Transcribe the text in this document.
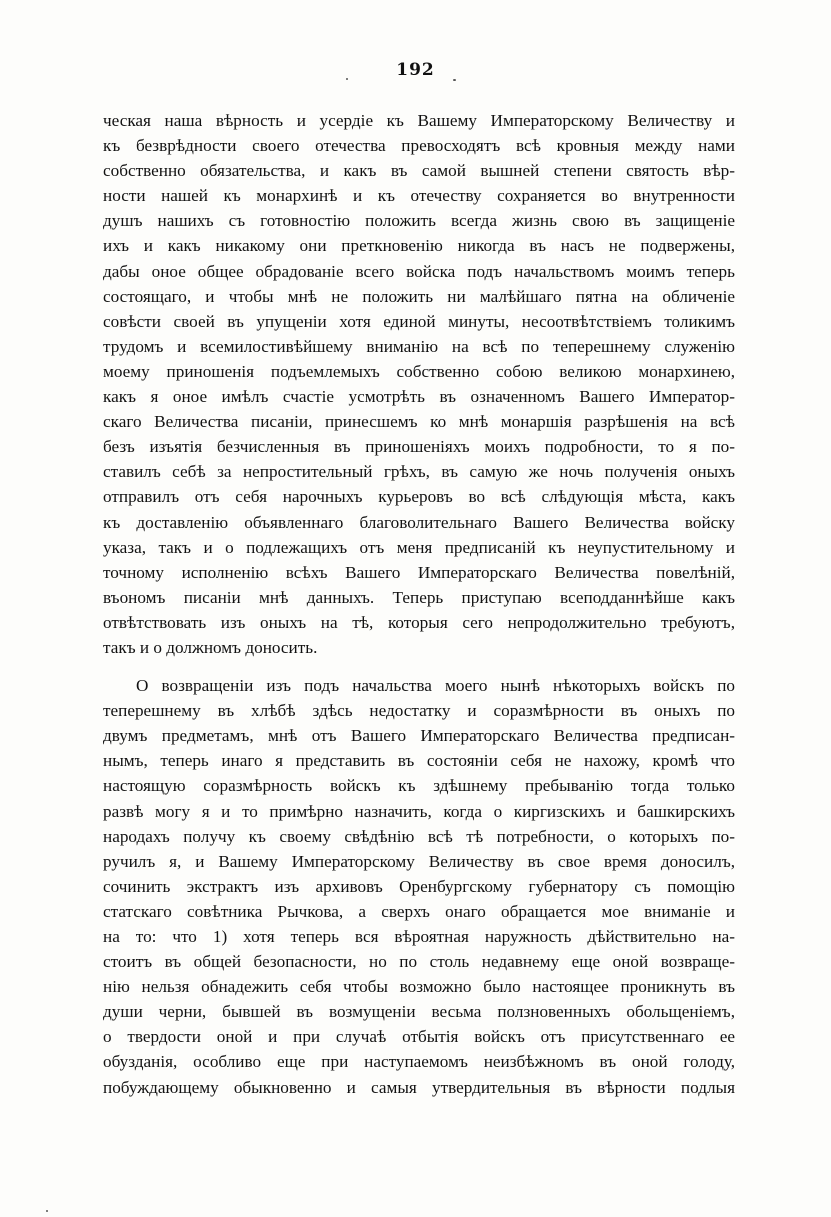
192
ческая наша вѣрность и усердiе къ Вашему Императорскому Величеству и
къ безврѣдности своего отечества превосходятъ всѣ кровныя между нами
собственно обязательства, и какъ въ самой вышней степени святость вѣр-
ности нашей къ монархинѣ и къ отечеству сохраняется во внутренности
душъ нашихъ съ готовностiю положить всегда жизнь свою въ защищенiе
ихъ и какъ никакому они преткновенiю никогда въ насъ не подвержены,
дабы оное общее обрадованiе всего войска подъ начальствомъ моимъ теперь
состоящаго, и чтобы мнѣ не положить ни малѣйшаго пятна на обличенiе
совѣсти своей въ упущенiи хотя единой минуты, несоотвѣтствiемъ толикимъ
трудомъ и всемилостивѣйшему вниманiю на всѣ по теперешнему служенiю
моему приношенiя подъемлемыхъ собственно собою великою монархинею,
какъ я оное имѣлъ счастiе усмотрѣть въ означенномъ Вашего Император-
скаго Величества писанiи, принесшемъ ко мнѣ монаршiя разрѣшенiя на всѣ
безъ изъятiя безчисленныя въ приношенiяхъ моихъ подробности, то я по-
ставилъ себѣ за непростительный грѣхъ, въ самую же ночь полученiя оныхъ
отправилъ отъ себя нарочныхъ курьеровъ во всѣ слѣдующiя мѣста, какъ
къ доставленiю объявленнаго благоволительнаго Вашего Величества войску
указа, такъ и о подлежащихъ отъ меня предписанiй къ неупустительному и
точному исполненiю всѣхъ Вашего Императорскаго Величества повелѣнiй,
въономъ писанiи мнѣ данныхъ. Теперь приступаю всеподданнѣйше какъ
отвѣтствовать изъ оныхъ на тѣ, которыя сего непродолжительно требуютъ,
такъ и о должномъ доносить.
О возвращенiи изъ подъ начальства моего нынѣ нѣкоторыхъ войскъ по
теперешнему въ хлѣбѣ здѣсь недостатку и соразмѣрности въ оныхъ по
двумъ предметамъ, мнѣ отъ Вашего Императорскаго Величества предписан-
нымъ, теперь инаго я представить въ состоянiи себя не нахожу, кромѣ что
настоящую соразмѣрность войскъ къ здѣшнему пребыванiю тогда только
развѣ могу я и то примѣрно назначить, когда о киргизскихъ и башкирскихъ
народахъ получу къ своему свѣдѣнiю всѣ тѣ потребности, о которыхъ по-
ручилъ я, и Вашему Императорскому Величеству въ свое время доносилъ,
сочинить экстрактъ изъ архивовъ Оренбургскому губернатору съ помощiю
статскаго совѣтника Рычкова, а сверхъ онаго обращается мое вниманiе и
на то: что 1) хотя теперь вся вѣроятная наружность дѣйствительно на-
стоитъ въ общей безопасности, но по столь недавнему еще оной возвраще-
нiю нельзя обнадежить себя чтобы возможно было настоящее проникнуть въ
души черни, бывшей въ возмущенiи весьма ползновенныхъ обольщенiемъ,
о твердости оной и при случаѣ отбытiя войскъ отъ присутственнаго ее
обузданiя, особливо еще при наступаемомъ неизбѣжномъ въ оной голоду,
побуждающему обыкновенно и самыя утвердительныя въ вѣрности подлыя
